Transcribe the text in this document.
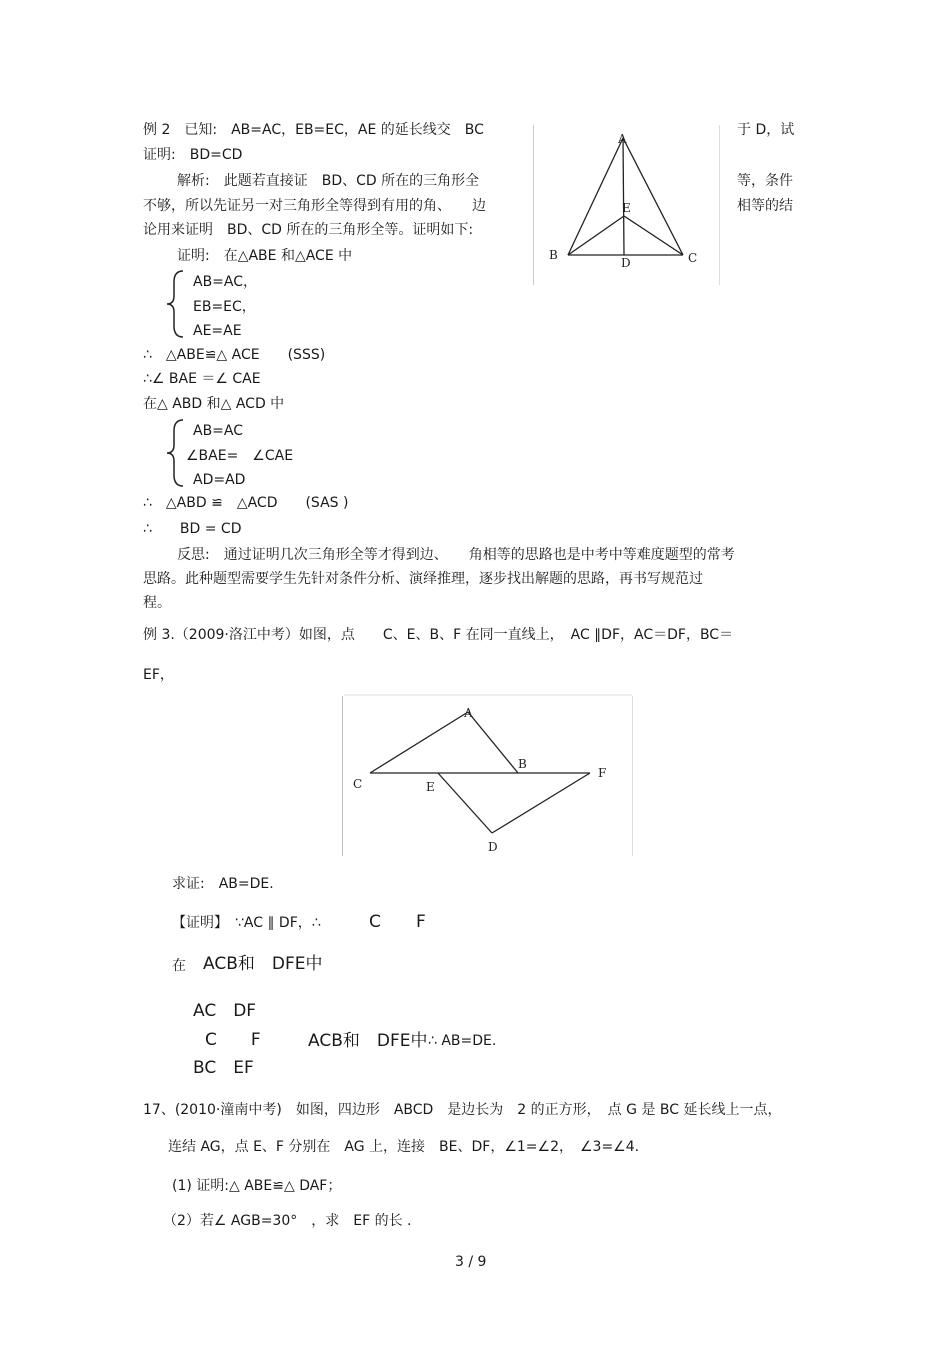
例 2　已知:　AB=AC，EB=EC，AE 的延长线交　BC	于 D，试
证明:　BD=CD
解析:　此题若直接证　BD、CD 所在的三角形全	等，条件
不够，所以先证另一对三角形全等得到有用的角、　　边	相等的结
论用来证明　BD、CD 所在的三角形全等。证明如下:
证明:　在△ABE 和△ACE 中
AB=AC，
EB=EC，
AE=AE
∴　△ABE≌△ ACE　　(SSS)
∴∠ BAE ＝∠ CAE
在△ ABD 和△ ACD 中
AB=AC
∠BAE=　∠CAE
AD=AD
∴　△ABD ≌　△ACD　　(SAS )
∴　　BD = CD
反思:　通过证明几次三角形全等才得到边、　　角相等的思路也是中考中等难度题型的常考
思路。此种题型需要学生先针对条件分析、演绎推理，逐步找出解题的思路，再书写规范过
程。
A
B	C
E
D
例 3.（2009·洛江中考）如图，点　　C、E、B、F 在同一直线上，　AC ∥DF，AC＝DF，BC＝
EF，
A
B
C	E
F
D
求证:　AB=DE.
【证明】　∵AC ∥ DF，∴	C F
在 ACB和　DFE中
AC　DF
C　　F	ACB和　DFE中 ∴ AB=DE.
BC　EF
17、(2010·潼南中考)　如图，四边形　ABCD　是边长为　2 的正方形，　点 G 是 BC 延长线上一点，
连结 AG，点 E、F 分别在　AG 上，连接　BE、DF，∠1=∠2，　∠3=∠4.
(1) 证明:△ ABE≌△ DAF；
（2）若∠ AGB=30°　，求　EF 的长 .
3 / 9
